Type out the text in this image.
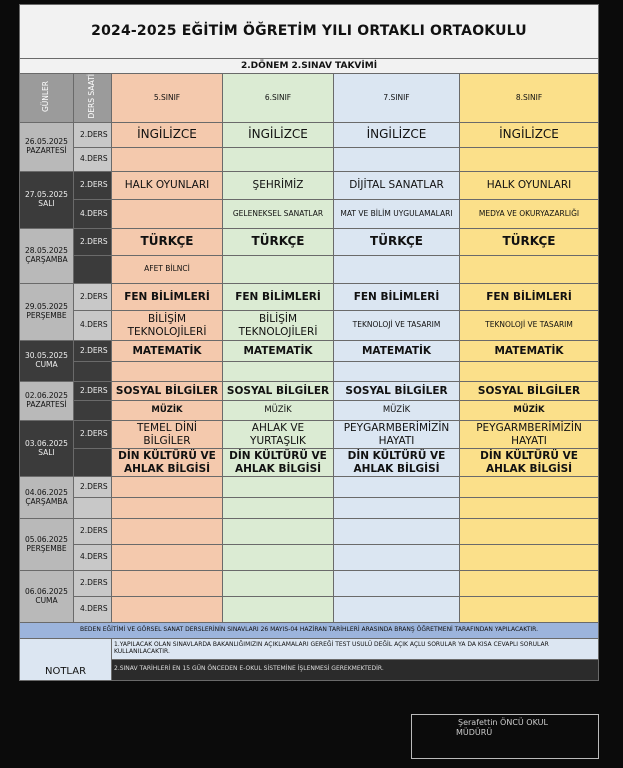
2024-2025 EĞİTİM ÖĞRETİM YILI ORTAKLI ORTAOKULU					
2.DÖNEM 2.SINAV TAKVİMİ					
GÜNLER	DERS SAATİ	5.SINIF	6.SINIF	7.SINIF	8.SINIF

26.05.2025
PAZARTESİ	2.DERS	İNGİLİZCE	İNGİLİZCE	İNGİLİZCE	İNGİLİZCE
	4.DERS				

27.05.2025
SALI	2.DERS	HALK OYUNLARI	ŞEHRİMİZ	DİJİTAL SANATLAR	HALK OYUNLARI
	4.DERS		GELENEKSEL SANATLAR	MAT VE BİLİM UYGULAMALARI	MEDYA VE OKURYAZARLIĞI

28.05.2025
ÇARŞAMBA	2.DERS	TÜRKÇE	TÜRKÇE	TÜRKÇE	TÜRKÇE
		AFET BİLNCİ			

29.05.2025
PERŞEMBE	2.DERS	FEN BİLİMLERİ	FEN BİLİMLERİ	FEN BİLİMLERİ	FEN BİLİMLERİ
	4.DERS	BİLİŞİM TEKNOLOJİLERİ	BİLİŞİM TEKNOLOJİLERİ	TEKNOLOJİ VE TASARIM	TEKNOLOJİ VE TASARIM

30.05.2025
CUMA	2.DERS	MATEMATİK	MATEMATİK	MATEMATİK	MATEMATİK

02.06.2025
PAZARTESİ	2.DERS	SOSYAL BİLGİLER	SOSYAL BİLGİLER	SOSYAL BİLGİLER	SOSYAL BİLGİLER
		MÜZİK	MÜZİK	MÜZİK	MÜZİK

03.06.2025
SALI	2.DERS	TEMEL DİNİ BİLGİLER	AHLAK VE YURTAŞLIK	PEYGARMBERİMİZİN HAYATI	PEYGARMBERİMİZİN HAYATI
		DİN KÜLTÜRÜ VE AHLAK BİLGİSİ	DİN KÜLTÜRÜ VE AHLAK BİLGİSİ	DİN KÜLTÜRÜ VE AHLAK BİLGİSİ	DİN KÜLTÜRÜ VE AHLAK BİLGİSİ

04.06.2025
ÇARŞAMBA	2.DERS				

05.06.2025
PERŞEMBE	2.DERS				
	4.DERS				

06.06.2025
CUMA	2.DERS				
	4.DERS				
BEDEN EĞİTİMİ VE GÖRSEL SANAT DERSLERİNİN SINAVLARI 26 MAYIS-04 HAZİRAN TARİHLERİ ARASINDA BRANŞ ÖĞRETMENİ TARAFINDAN YAPILACAKTIR.					
NOTLAR		1.YAPILACAK OLAN SINAVLARDA BAKANLIĞIMIZIN AÇIKLAMALARI GEREĞİ TEST USULÜ DEĞİL AÇIK AÇLU SORULAR YA DA KISA CEVAPLI SORULAR KULLANILACAKTIR.			
		2.SINAV TARİHLERİ EN 15 GÜN ÖNCEDEN E-OKUL SİSTEMİNE İŞLENMESİ GEREKMEKTEDİR.			
Şerafettin ÖNCÜ OKUL
MÜDÜRÜ
